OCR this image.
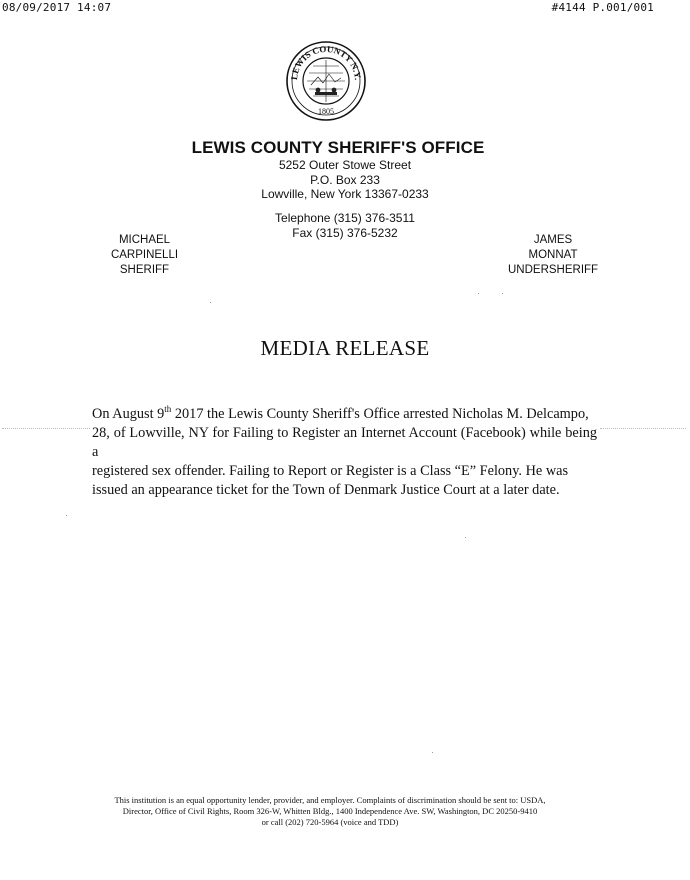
08/09/2017 14:07	#4144 P.001/001
LEWIS COUNTY N.Y.
1805
LEWIS COUNTY SHERIFF'S OFFICE
5252 Outer Stowe Street
P.O. Box 233
Lowville, New York 13367-0233
Telephone (315) 376-3511
Fax (315) 376-5232
MICHAEL CARPINELLI
SHERIFF
JAMES MONNAT
UNDERSHERIFF
MEDIA RELEASE
On August 9th 2017 the Lewis County Sheriff's Office arrested Nicholas M. Delcampo,
28, of Lowville, NY for Failing to Register an Internet Account (Facebook) while being a
registered sex offender. Failing to Report or Register is a Class “E” Felony. He was
issued an appearance ticket for the Town of Denmark Justice Court at a later date.
This institution is an equal opportunity lender, provider, and employer. Complaints of discrimination should be sent to: USDA,
Director, Office of Civil Rights, Room 326-W, Whitten Bldg., 1400 Independence Ave. SW, Washington, DC 20250-9410
or call (202) 720-5964 (voice and TDD)
